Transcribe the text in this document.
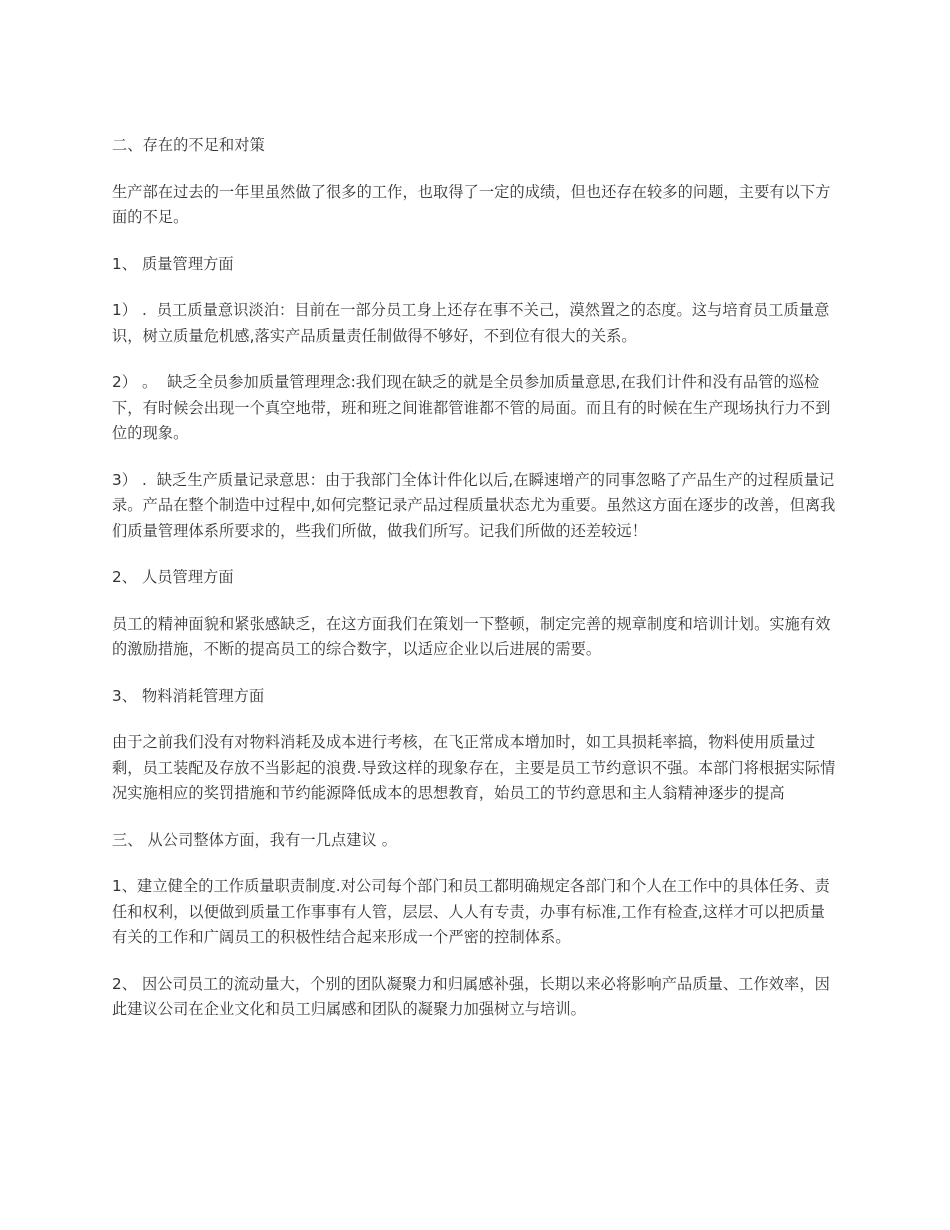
二、存在的不足和对策

生产部在过去的一年里虽然做了很多的工作，也取得了一定的成绩，但也还存在较多的问题，主要有以下方面的不足。

1、 质量管理方面

1） .  员工质量意识淡泊：目前在一部分员工身上还存在事不关己，漠然置之的态度。这与培育员工质量意识，树立质量危机感,落实产品质量责任制做得不够好，不到位有很大的关系。

2） 。  缺乏全员参加质量管理理念:我们现在缺乏的就是全员参加质量意思,在我们计件和没有品管的巡检下，有时候会出现一个真空地带，班和班之间谁都管谁都不管的局面。而且有的时候在生产现场执行力不到位的现象。

3） .  缺乏生产质量记录意思：由于我部门全体计件化以后,在瞬速增产的同事忽略了产品生产的过程质量记录。产品在整个制造中过程中,如何完整记录产品过程质量状态尤为重要。虽然这方面在逐步的改善，但离我们质量管理体系所要求的，些我们所做，做我们所写。记我们所做的还差较远！

2、 人员管理方面

员工的精神面貌和紧张感缺乏，在这方面我们在策划一下整顿，制定完善的规章制度和培训计划。实施有效的激励措施，不断的提高员工的综合数字，以适应企业以后进展的需要。

3、 物料消耗管理方面

由于之前我们没有对物料消耗及成本进行考核，在飞正常成本增加时，如工具损耗率搞，物料使用质量过剩，员工装配及存放不当影起的浪费.导致这样的现象存在，主要是员工节约意识不强。本部门将根据实际情况实施相应的奖罚措施和节约能源降低成本的思想教育，始员工的节约意思和主人翁精神逐步的提高

三、 从公司整体方面，我有一几点建议 。

1、建立健全的工作质量职责制度.对公司每个部门和员工都明确规定各部门和个人在工作中的具体任务、责任和权利，以便做到质量工作事事有人管，层层、人人有专责，办事有标准,工作有检查,这样才可以把质量有关的工作和广阔员工的积极性结合起来形成一个严密的控制体系。

2、 因公司员工的流动量大，个别的团队凝聚力和归属感补强，长期以来必将影响产品质量、工作效率，因此建议公司在企业文化和员工归属感和团队的凝聚力加强树立与培训。
